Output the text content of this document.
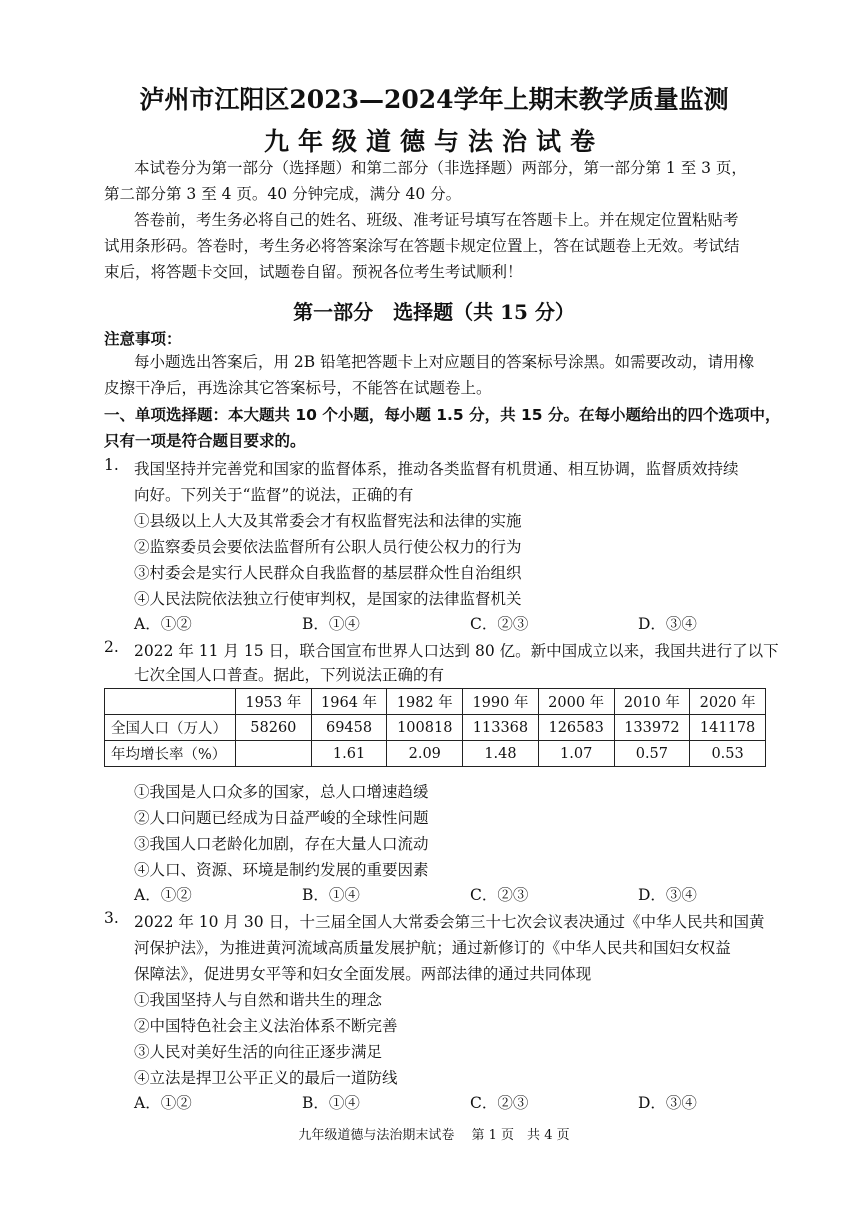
泸州市江阳区2023—2024学年上期末教学质量监测
九年级道德与法治试卷
本试卷分为第一部分（选择题）和第二部分（非选择题）两部分，第一部分第 1 至 3 页，
第二部分第 3 至 4 页。40 分钟完成，满分 40 分。
答卷前，考生务必将自己的姓名、班级、准考证号填写在答题卡上。并在规定位置粘贴考
试用条形码。答卷时，考生务必将答案涂写在答题卡规定位置上，答在试题卷上无效。考试结
束后，将答题卡交回，试题卷自留。预祝各位考生考试顺利！
第一部分　选择题（共 15 分）
注意事项：
每小题选出答案后，用 2B 铅笔把答题卡上对应题目的答案标号涂黑。如需要改动，请用橡
皮擦干净后，再选涂其它答案标号，不能答在试题卷上。
一、单项选择题：本大题共 10 个小题，每小题 1.5 分，共 15 分。在每小题给出的四个选项中，
只有一项是符合题目要求的。
1. 我国坚持并完善党和国家的监督体系，推动各类监督有机贯通、相互协调，监督质效持续
向好。下列关于“监督”的说法，正确的有
①县级以上人大及其常委会才有权监督宪法和法律的实施
②监察委员会要依法监督所有公职人员行使公权力的行为
③村委会是实行人民群众自我监督的基层群众性自治组织
④人民法院依法独立行使审判权，是国家的法律监督机关
A．①②	B．①④	C．②③	D．③④
2. 2022 年 11 月 15 日，联合国宣布世界人口达到 80 亿。新中国成立以来，我国共进行了以下
七次全国人口普查。据此，下列说法正确的有
	1953 年	1964 年	1982 年	1990 年	2000 年	2010 年	2020 年
全国人口（万人）	58260	69458	100818	113368	126583	133972	141178
年均增长率（%）		1.61	2.09	1.48	1.07	0.57	0.53
①我国是人口众多的国家，总人口增速趋缓
②人口问题已经成为日益严峻的全球性问题
③我国人口老龄化加剧，存在大量人口流动
④人口、资源、环境是制约发展的重要因素
A．①②	B．①④	C．②③	D．③④
3. 2022 年 10 月 30 日，十三届全国人大常委会第三十七次会议表决通过《中华人民共和国黄
河保护法》，为推进黄河流域高质量发展护航；通过新修订的《中华人民共和国妇女权益
保障法》，促进男女平等和妇女全面发展。两部法律的通过共同体现
①我国坚持人与自然和谐共生的理念
②中国特色社会主义法治体系不断完善
③人民对美好生活的向往正逐步满足
④立法是捍卫公平正义的最后一道防线
A．①②	B．①④	C．②③	D．③④
九年级道德与法治期末试卷　 第 1 页　共 4 页
